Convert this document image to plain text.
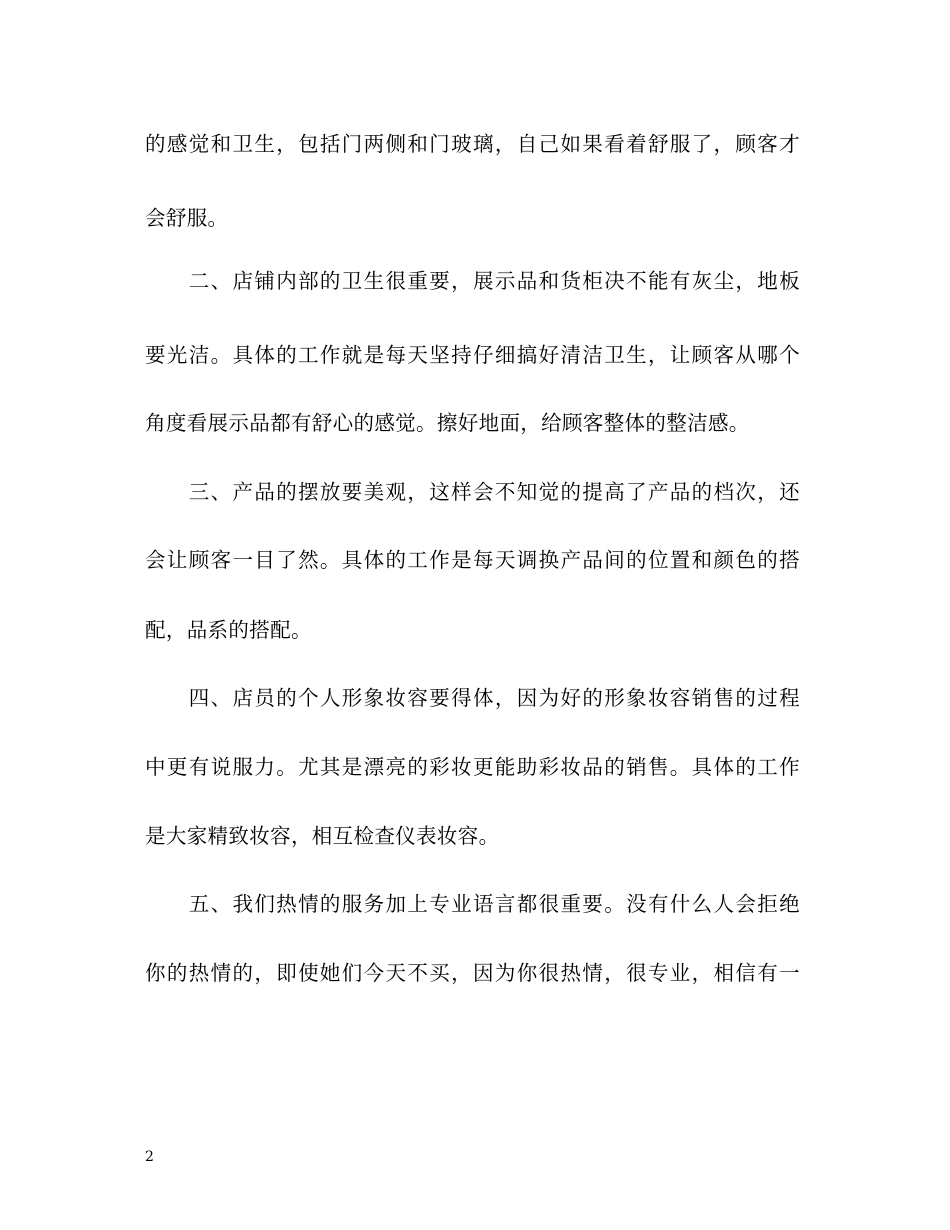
的感觉和卫生，包括门两侧和门玻璃，自己如果看着舒服了，顾客才
会舒服。
　　二、店铺内部的卫生很重要，展示品和货柜决不能有灰尘，地板
要光洁。具体的工作就是每天坚持仔细搞好清洁卫生，让顾客从哪个
角度看展示品都有舒心的感觉。擦好地面，给顾客整体的整洁感。
　　三、产品的摆放要美观，这样会不知觉的提高了产品的档次，还
会让顾客一目了然。具体的工作是每天调换产品间的位置和颜色的搭
配，品系的搭配。
　　四、店员的个人形象妆容要得体，因为好的形象妆容销售的过程
中更有说服力。尤其是漂亮的彩妆更能助彩妆品的销售。具体的工作
是大家精致妆容，相互检查仪表妆容。
　　五、我们热情的服务加上专业语言都很重要。没有什么人会拒绝
你的热情的，即使她们今天不买，因为你很热情，很专业，相信有一
2
